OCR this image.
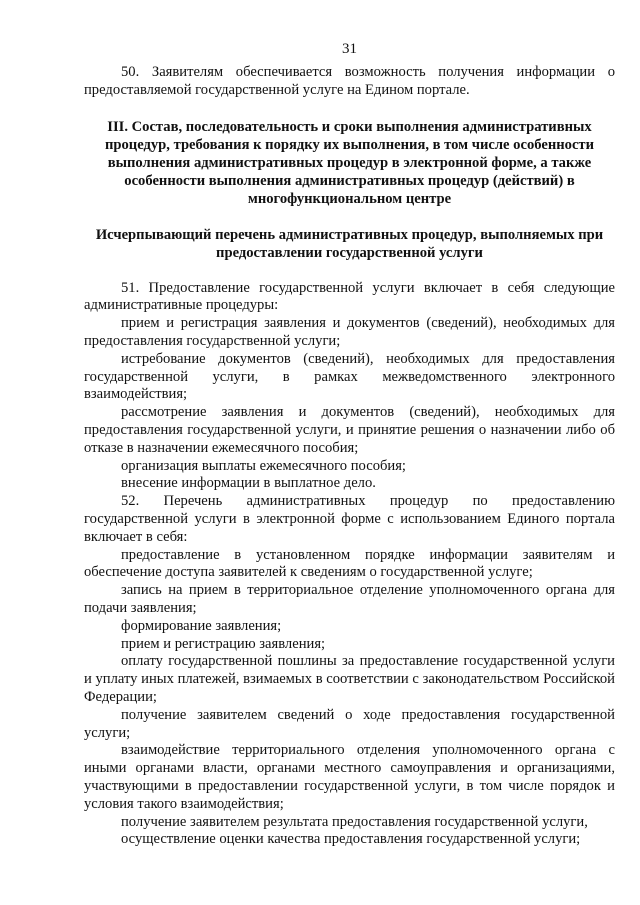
31

50. Заявителям обеспечивается возможность получения информации о предоставляемой государственной услуге на Едином портале.

III. Состав, последовательность и сроки выполнения административных процедур, требования к порядку их выполнения, в том числе особенности выполнения административных процедур в электронной форме, а также особенности выполнения административных процедур (действий) в многофункциональном центре

Исчерпывающий перечень административных процедур, выполняемых при предоставлении государственной услуги

51. Предоставление государственной услуги включает в себя следующие административные процедуры:

прием и регистрация заявления и документов (сведений), необходимых для предоставления государственной услуги;

истребование документов (сведений), необходимых для предоставления государственной услуги, в рамках межведомственного электронного взаимодействия;

рассмотрение заявления и документов (сведений), необходимых для предоставления государственной услуги, и принятие решения о назначении либо об отказе в назначении ежемесячного пособия;

организация выплаты ежемесячного пособия;

внесение информации в выплатное дело.

52. Перечень административных процедур по предоставлению государственной услуги в электронной форме с использованием Единого портала включает в себя:

предоставление в установленном порядке информации заявителям и обеспечение доступа заявителей к сведениям о государственной услуге;

запись на прием в территориальное отделение уполномоченного органа для подачи заявления;

формирование заявления;

прием и регистрацию заявления;

оплату государственной пошлины за предоставление государственной услуги и уплату иных платежей, взимаемых в соответствии с законодательством Российской Федерации;

получение заявителем сведений о ходе предоставления государственной услуги;

взаимодействие территориального отделения уполномоченного органа с иными органами власти, органами местного самоуправления и организациями, участвующими в предоставлении государственной услуги, в том числе порядок и условия такого взаимодействия;

получение заявителем результата предоставления государственной услуги,

осуществление оценки качества предоставления государственной услуги;
